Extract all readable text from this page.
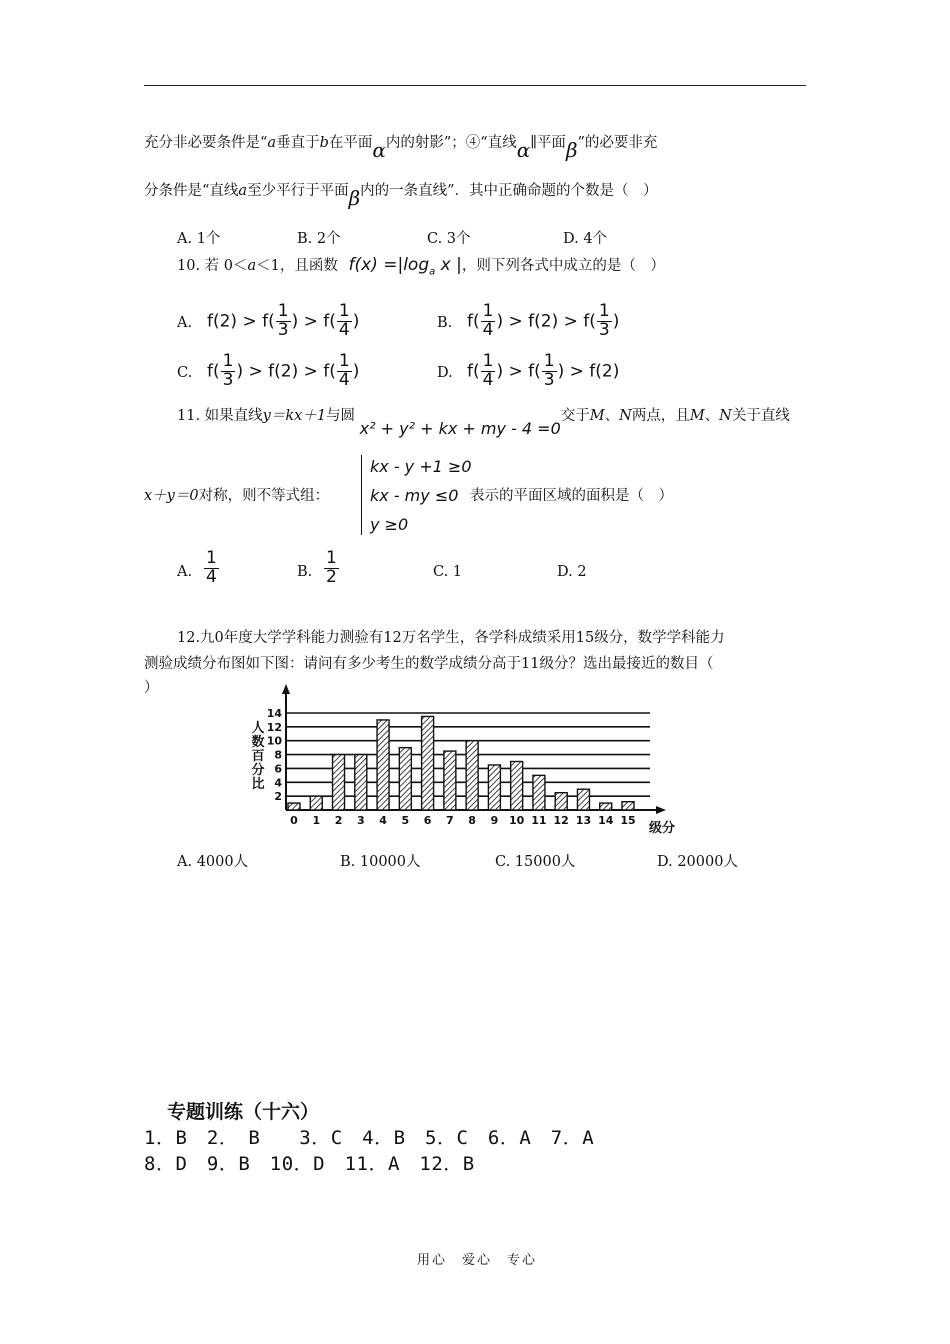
充分非必要条件是“a垂直于b在平面α内的射影”；④“直线α∥平面β”的必要非充
分条件是“直线a至少平行于平面β内的一条直线”．其中正确命题的个数是（　）
A. 1个	B. 2个	C. 3个	D. 4个
10. 若 0＜a＜1，且函数 $f(x) =|\log_a$ x |，则下列各式中成立的是（　）
A. $f(2) > f( \frac{1}{3}$ ) > $f( \frac{1}{4}$ )	B. $f( \frac{1}{4}$ ) > $f(2) > f( \frac{1}{3}$ )
C. $f( \frac{1}{3}$ ) > $f(2) > f( \frac{1}{4}$ )	D. $f( \frac{1}{4}$ ) > $f( \frac{1}{3}$ ) > f(2)
11. 如果直线y＝kx＋1与圆 x² + y² + kx + my - 4 =0交于M、N两点，且M、N关于直线
x＋y＝0对称，则不等式组：
kx - y +1 ≥0
kx - my ≤0
y ≥0
表示的平面区域的面积是（　）
A. $\frac{1}{4}$	B. $\frac{1}{2}$	C. 1	D. 2
12.九0年度大学学科能力测验有12万名学生，各学科成绩采用15级分，数学学科能力
测验成绩分布图如下图：请问有多少考生的数学成绩分高于11级分？选出最接近的数目（
）
2
4
6
8
10
12
14
人
数
百
分
比
0 1 2 3 4 5 6 7 8 9 10 11 12 13 14 15
级分
A. 4000人	B. 10000人	C. 15000人	D. 20000人
专题训练（十六）
1．B　2．　B　　3．C　4．B　5．C　6．A　7．A
8．D　9．B　10．D　11．A　12．B
用心　爱心　专心
